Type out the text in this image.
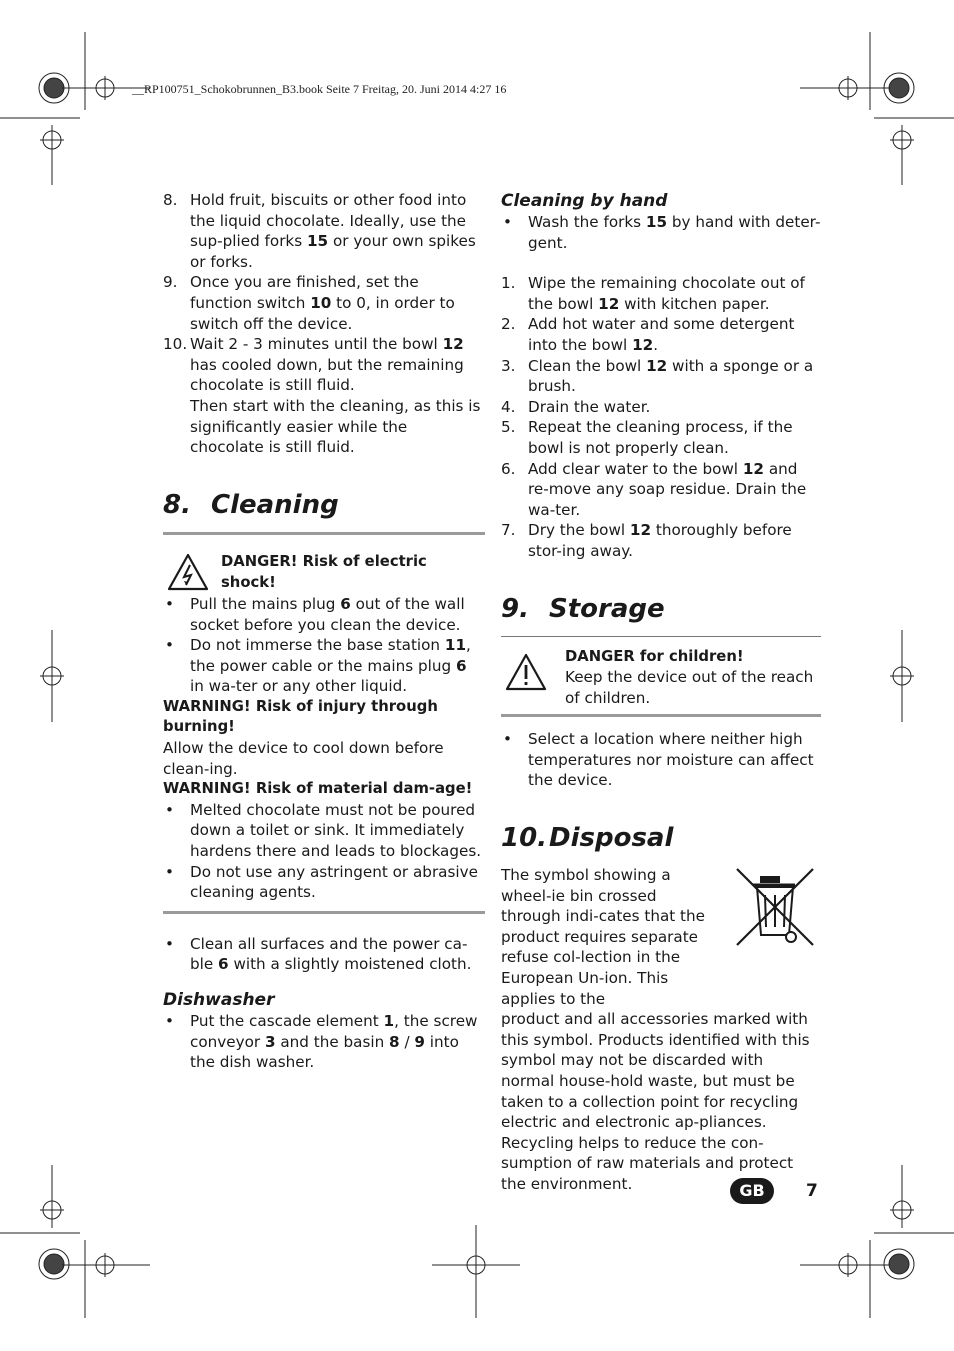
__RP100751_Schokobrunnen_B3.book Seite 7 Freitag, 20. Juni 2014 4:27 16
8. Hold fruit, biscuits or other food into the liquid chocolate. Ideally, use the sup-plied forks 15 or your own spikes or forks.
9. Once you are finished, set the function switch 10 to 0, in order to switch off the device.
10. Wait 2 - 3 minutes until the bowl 12 has cooled down, but the remaining chocolate is still fluid.
Then start with the cleaning, as this is significantly easier while the chocolate is still fluid.
8. Cleaning
DANGER! Risk of electric shock!
• Pull the mains plug 6 out of the wall socket before you clean the device.
• Do not immerse the base station 11, the power cable or the mains plug 6 in wa-ter or any other liquid.
WARNING! Risk of injury through burning!
Allow the device to cool down before clean-ing.
WARNING! Risk of material dam-age!
• Melted chocolate must not be poured down a toilet or sink. It immediately hardens there and leads to blockages.
• Do not use any astringent or abrasive cleaning agents.
• Clean all surfaces and the power ca-ble 6 with a slightly moistened cloth.
Dishwasher
• Put the cascade element 1, the screw conveyor 3 and the basin 8 / 9 into the dish washer.
Cleaning by hand
• Wash the forks 15 by hand with deter-gent.
1. Wipe the remaining chocolate out of the bowl 12 with kitchen paper.
2. Add hot water and some detergent into the bowl 12.
3. Clean the bowl 12 with a sponge or a brush.
4. Drain the water.
5. Repeat the cleaning process, if the bowl is not properly clean.
6. Add clear water to the bowl 12 and re-move any soap residue. Drain the wa-ter.
7. Dry the bowl 12 thoroughly before stor-ing away.
9. Storage
DANGER for children!
Keep the device out of the reach of children.
• Select a location where neither high temperatures nor moisture can affect the device.
10.Disposal
The symbol showing a wheel-ie bin crossed through indi-cates that the product requires separate refuse col-lection in the European Un-ion. This applies to the
product and all accessories marked with this symbol. Products identified with this symbol may not be discarded with normal house-hold waste, but must be taken to a collection point for recycling electric and electronic ap-pliances. Recycling helps to reduce the con-sumption of raw materials and protect the environment.	GB	7
